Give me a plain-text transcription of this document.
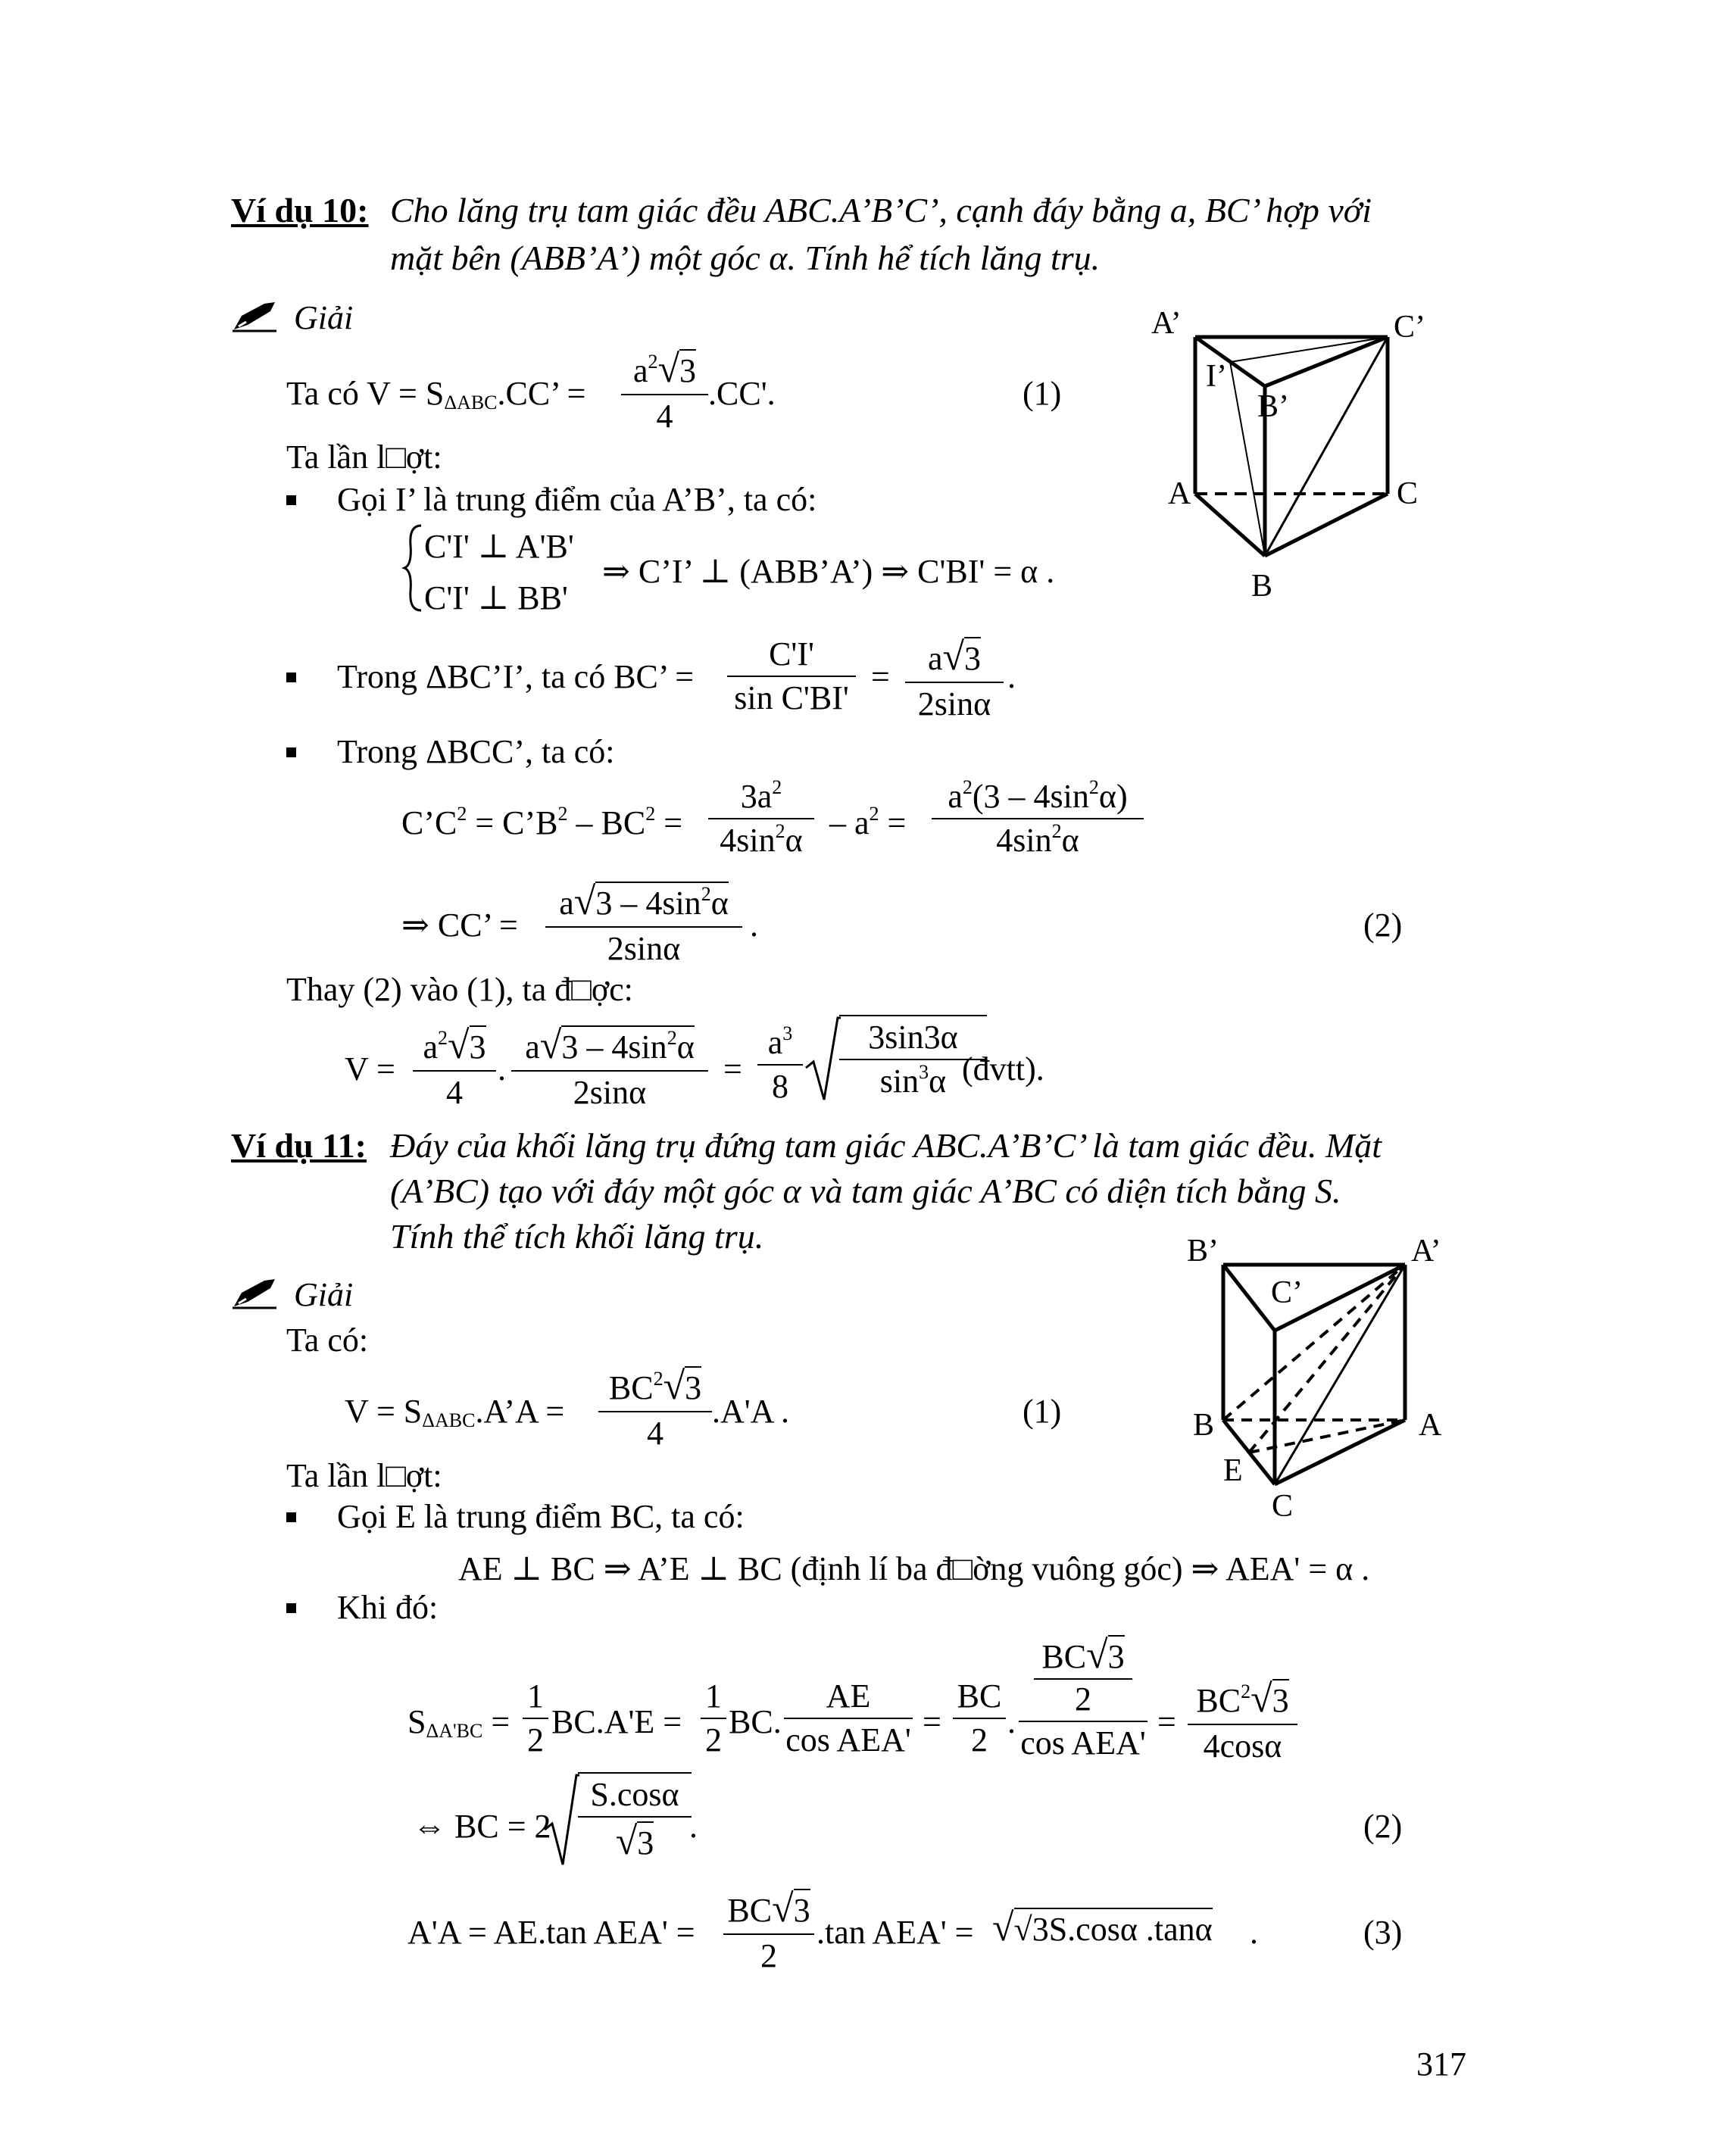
Ví dụ 10: Cho lăng trụ tam giác đều ABC.A’B’C’, cạnh đáy bằng a, BC’ hợp với
mặt bên (ABB’A’) một góc α. Tính hể tích lăng trụ.
Giải
Ta có $V = S_{\Delta ABC}.CC$’ =
$a^2√3$
4
.CC'.	(1)
Ta lần l□ợt:
Gọi I’ là trung điểm của A’B’, ta có:
C'I' ⊥ A'B'
C'I' ⊥ BB'
⇒ C’I’ ⊥ (ABB’A’) ⇒ C'BI' = α .
Trong ΔBC’I’, ta có BC’ =
C'I'
sin C'BI'
=	a√3
2sinα
.
Trong ΔBCC’, ta có:
$C’C^2$ = $C’B^2 - BC^2$ =
$3a^2$
$4\sin^2\alpha - a^2$ =
$a^2(3 - 4\sin^2\alpha)$
$4\sin^2\alpha$
⇒ CC’ =
$a√3 - 4\sin^2\alpha$
2sinα
.	(2)
Thay (2) vào (1), ta đ□ợc:
V =
$a^2√3$
4
.
$a√3 - 4\sin^2\alpha$
2sinα
=
$a^3$
8
3sin3α
$\sin^3\alpha$ (đvtt).
A’	C’
I’
B’
A	C
B
Ví dụ 11: Đáy của khối lăng trụ đứng tam giác ABC.A’B’C’ là tam giác đều. Mặt
(A’BC) tạo với đáy một góc α và tam giác A’BC có diện tích bằng S.
Tính thể tích khối lăng trụ.
Giải
Ta có:
$V = S_{\Delta ABC}.A’A$ =
$BC^2√3$
4
.A'A .	(1)
Ta lần l□ợt:
Gọi E là trung điểm BC, ta có:
AE ⊥ BC ⇒ A’E ⊥ BC (định lí ba đ□ờng vuông góc) ⇒ AEA' = α .
Khi đó:
$S_{\Delta A'BC}$ =
1
2 BC.A'E =
1
2 BC.
AE
cos AEA' =
BC
2 .
BC√3
2
cos AEA'
=
$BC^2√3$
4cosα
⇔ BC = 2
S.cosα
√3	.	(2)
A'A = AE.tan AEA' =
BC√3
2
.tan AEA' = √√3S.cosα .tanα .	(3)
B’	A’
C’
B	A
E
C
317
